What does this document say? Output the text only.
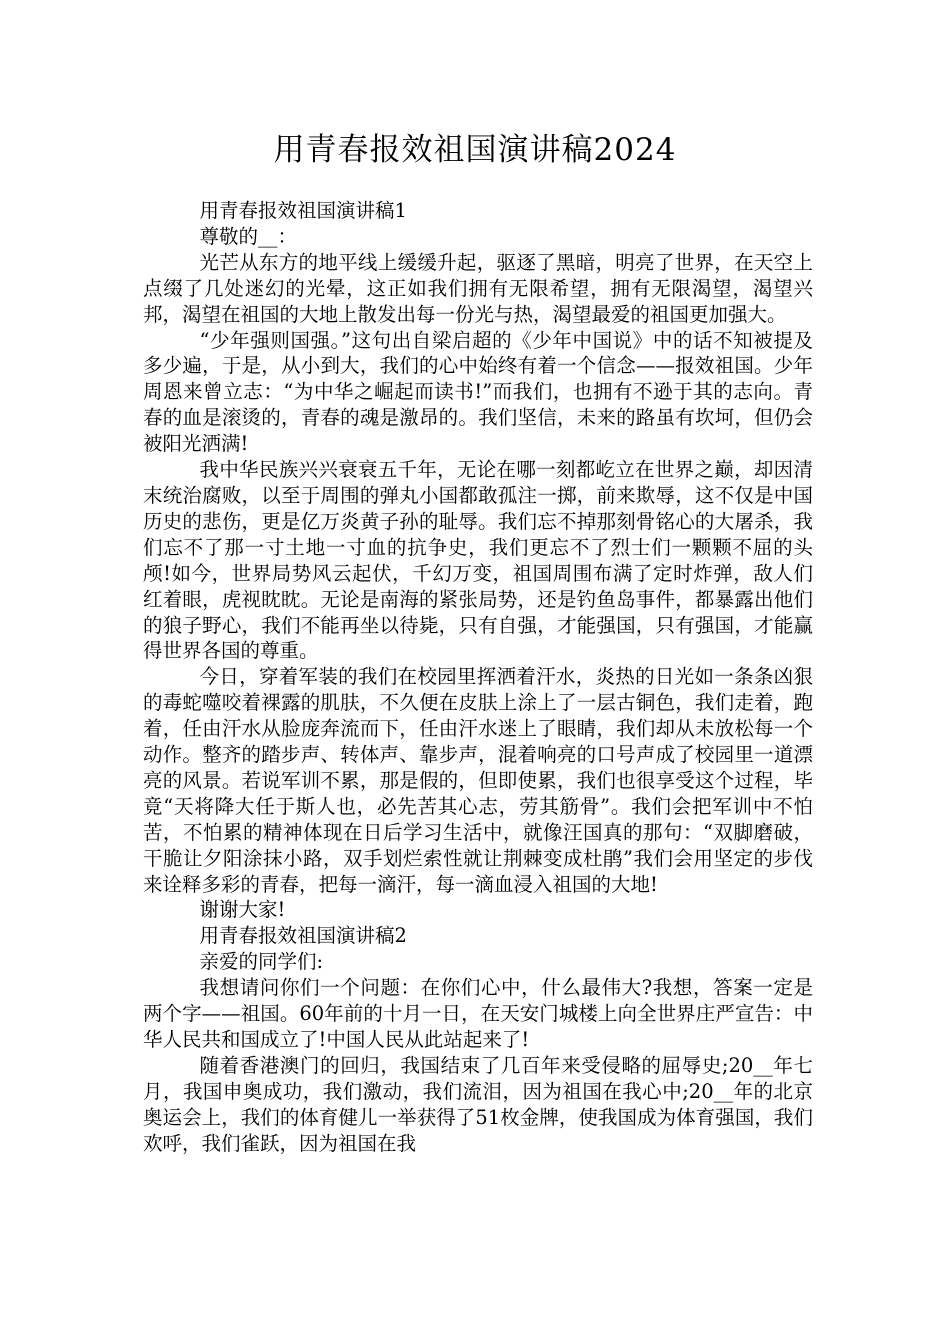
用青春报效祖国演讲稿2024

用青春报效祖国演讲稿1

尊敬的__：

光芒从东方的地平线上缓缓升起，驱逐了黑暗，明亮了世界，在天空上点缀了几处迷幻的光晕，这正如我们拥有无限希望，拥有无限渴望，渴望兴邦，渴望在祖国的大地上散发出每一份光与热，渴望最爱的祖国更加强大。

“少年强则国强。”这句出自梁启超的《少年中国说》中的话不知被提及多少遍，于是，从小到大，我们的心中始终有着一个信念——报效祖国。少年周恩来曾立志：“为中华之崛起而读书!”而我们，也拥有不逊于其的志向。青春的血是滚烫的，青春的魂是激昂的。我们坚信，未来的路虽有坎坷，但仍会被阳光洒满!

我中华民族兴兴衰衰五千年，无论在哪一刻都屹立在世界之巅，却因清末统治腐败，以至于周围的弹丸小国都敢孤注一掷，前来欺辱，这不仅是中国历史的悲伤，更是亿万炎黄子孙的耻辱。我们忘不掉那刻骨铭心的大屠杀，我们忘不了那一寸土地一寸血的抗争史，我们更忘不了烈士们一颗颗不屈的头颅!如今，世界局势风云起伏，千幻万变，祖国周围布满了定时炸弹，敌人们红着眼，虎视眈眈。无论是南海的紧张局势，还是钓鱼岛事件，都暴露出他们的狼子野心，我们不能再坐以待毙，只有自强，才能强国，只有强国，才能赢得世界各国的尊重。

今日，穿着军装的我们在校园里挥洒着汗水，炎热的日光如一条条凶狠的毒蛇噬咬着裸露的肌肤，不久便在皮肤上涂上了一层古铜色，我们走着，跑着，任由汗水从脸庞奔流而下，任由汗水迷上了眼睛，我们却从未放松每一个动作。整齐的踏步声、转体声、靠步声，混着响亮的口号声成了校园里一道漂亮的风景。若说军训不累，那是假的，但即使累，我们也很享受这个过程，毕竟“天将降大任于斯人也，必先苦其心志，劳其筋骨”。我们会把军训中不怕苦，不怕累的精神体现在日后学习生活中，就像汪国真的那句：“双脚磨破，干脆让夕阳涂抹小路，双手划烂索性就让荆棘变成杜鹃”我们会用坚定的步伐来诠释多彩的青春，把每一滴汗，每一滴血浸入祖国的大地!

谢谢大家!

用青春报效祖国演讲稿2

亲爱的同学们:

我想请问你们一个问题：在你们心中，什么最伟大?我想，答案一定是两个字——祖国。60年前的十月一日，在天安门城楼上向全世界庄严宣告：中华人民共和国成立了!中国人民从此站起来了!

随着香港澳门的回归，我国结束了几百年来受侵略的屈辱史;20__年七月，我国申奥成功，我们激动，我们流泪，因为祖国在我心中;20__年的北京奥运会上，我们的体育健儿一举获得了51枚金牌，使我国成为体育强国，我们欢呼，我们雀跃，因为祖国在我
